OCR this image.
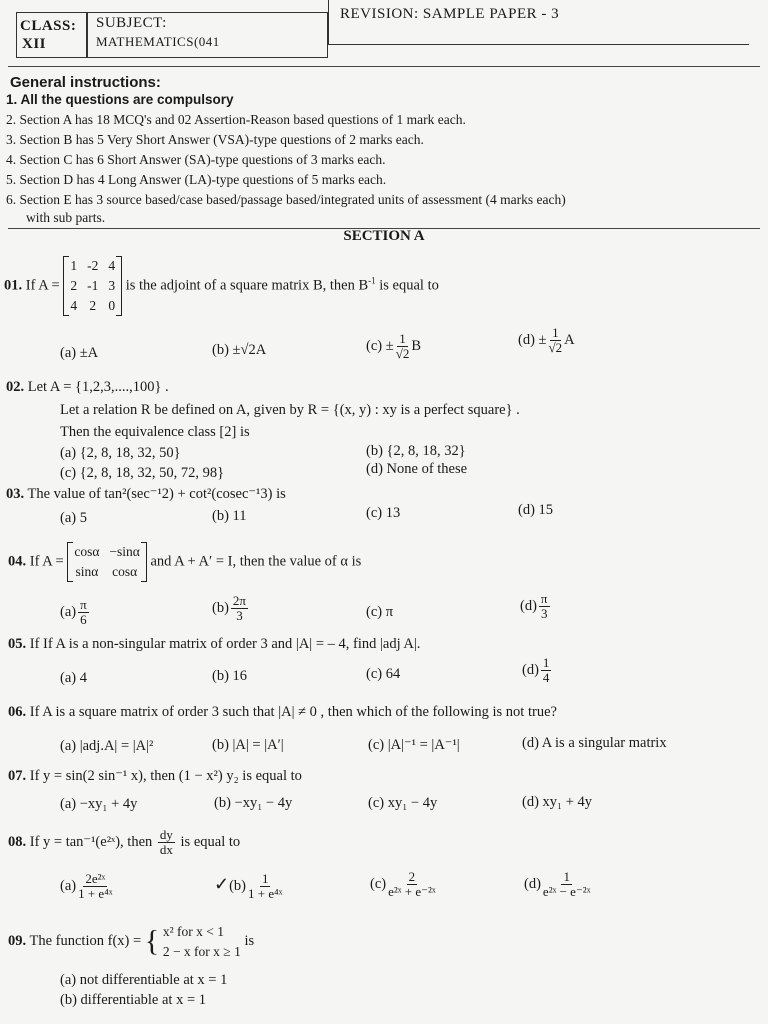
CLASS:
XII
SUBJECT:
MATHEMATICS(041
REVISION: SAMPLE PAPER - 3
General instructions:
1. All the questions are compulsory
2. Section A has 18 MCQ's and 02 Assertion-Reason based questions of 1 mark each.
3. Section B has 5 Very Short Answer (VSA)-type questions of 2 marks each.
4. Section C has 6 Short Answer (SA)-type questions of 3 marks each.
5. Section D has 4 Long Answer (LA)-type questions of 5 marks each.
6. Section E has 3 source based/case based/passage based/integrated units of assessment (4 marks each)
with sub parts.
SECTION A
01. If A =
1 -2 4
2 -1 3
4 2 0
is the adjoint of a square matrix B, then $B^{-1}$ is equal to
(a) ±A	(b) ±√2A	$(c) \pm \frac{1}{√2}$ B	$(d) \pm \frac{1}{√2}$ A
02. Let A = {1,2,3,....,100} .
Let a relation R be defined on A, given by R = {(x, y) : xy is a perfect square} .
Then the equivalence class [2] is
(a) {2, 8, 18, 32, 50}	(b) {2, 8, 18, 32}
(c) {2, 8, 18, 32, 50, 72, 98}	(d) None of these
03. The value of tan²(sec⁻¹2) + cot²(cosec⁻¹3) is
(a) 5	(b) 11	(c) 13	(d) 15
04. If A =
cosα −sinα
sinα cosα
and A + A′ = I, then the value of α is
$(a) \frac{\pi}{6}$	$(b) \frac{2\pi}{3}$	(c) π	$(d) \frac{\pi}{3}$
05. If If A is a non-singular matrix of order 3 and |A| = – 4, find |adj A|.
(a) 4	(b) 16	(c) 64	$(d) \frac{1}{4}$
06. If A is a square matrix of order 3 such that |A| ≠ 0 , then which of the following is not true?
(a) |adj.A| = |A|²	(b) |A| = |A′|	(c) |A|⁻¹ = |A⁻¹|	(d) A is a singular matrix
07. If y = sin(2 sin⁻¹ x), then (1 − x²) y₂ is equal to
(a) −xy₁ + 4y	(b) −xy₁ − 4y	(c) xy₁ − 4y	(d) xy₁ + 4y
08. If y = tan⁻¹(e²ˣ), then $\frac{dy}{dx}$ is equal to
$(a) \frac{\text{2e²ˣ}}{\text{1 + e⁴ˣ}}$	✓(b) $\frac{1}{\text{1 + e⁴ˣ}}$	$(c) \frac{2}{\text{e²ˣ + e⁻²ˣ}}$	$(d) \frac{1}{\text{e²ˣ − e⁻²ˣ}}$
09. The function f(x) = { x² for x < 1
2 − x for x ≥ 1
is
(a) not differentiable at x = 1
(b) differentiable at x = 1
